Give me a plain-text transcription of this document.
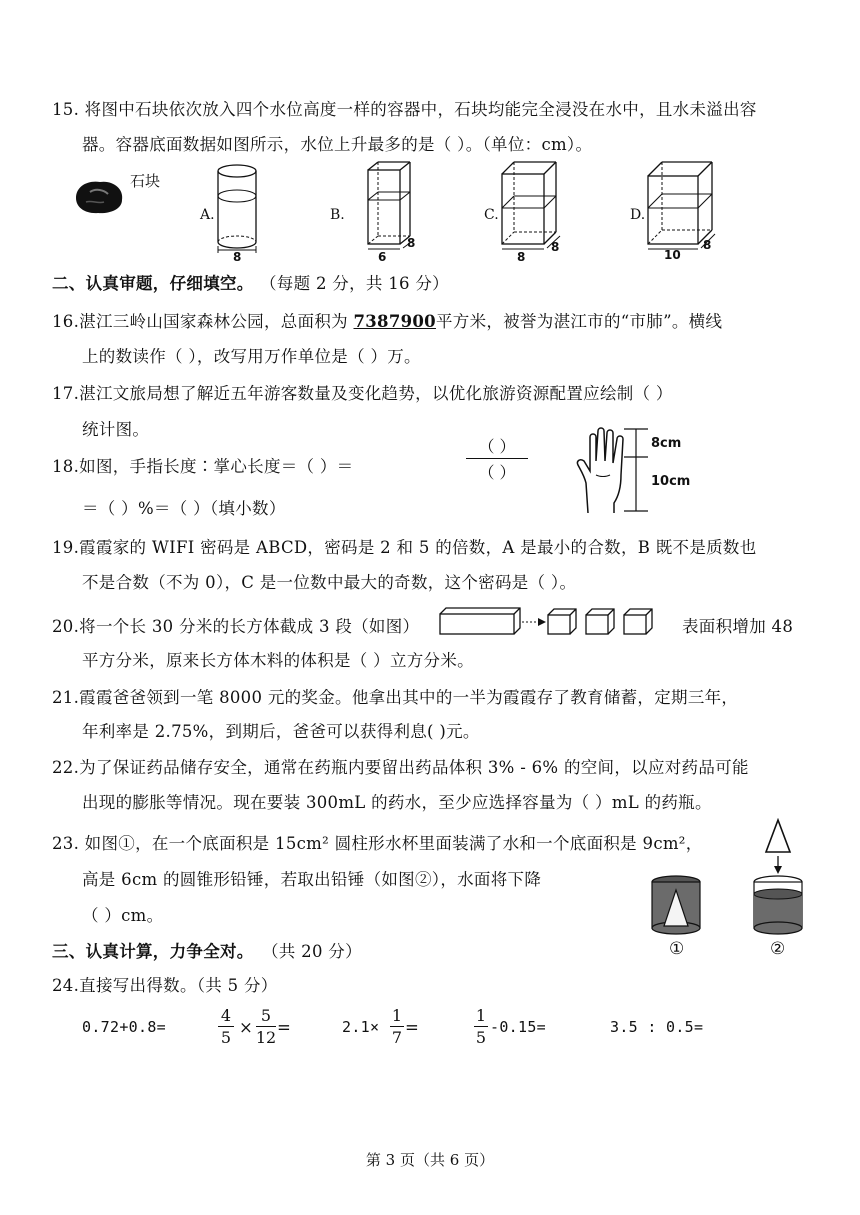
15. 将图中石块依次放入四个水位高度一样的容器中，石块均能完全浸没在水中，且水未溢出容
器。容器底面数据如图所示，水位上升最多的是（ ）。（单位：cm）。
石块
A.
8
B.
6
8
C.
8
8
D.
10
8
二、认真审题，仔细填空。 （每题 2 分，共 16 分）
16.湛江三岭山国家森林公园，总面积为 7387900平方米，被誉为湛江市的“市肺”。横线
上的数读作（ ），改写用万作单位是（ ）万。
17.湛江文旅局想了解近五年游客数量及变化趋势，以优化旅游资源配置应绘制（ ）
统计图。
18.如图，手指长度∶掌心长度＝（ ）＝
（ ）
（ ）
＝（ ）%＝（ ）（填小数）
8cm
10cm
19.霞霞家的 WIFI 密码是 ABCD，密码是 2 和 5 的倍数，A 是最小的合数，B 既不是质数也
不是合数（不为 0），C 是一位数中最大的奇数，这个密码是（ ）。
20.将一个长 30 分米的长方体截成 3 段（如图）	表面积增加 48
平方分米，原来长方体木料的体积是（ ）立方分米。
21.霞霞爸爸领到一笔 8000 元的奖金。他拿出其中的一半为霞霞存了教育储蓄，定期三年，
年利率是 2.75%，到期后，爸爸可以获得利息( )元。
22.为了保证药品储存安全，通常在药瓶内要留出药品体积 3% - 6% 的空间，以应对药品可能
出现的膨胀等情况。现在要装 300mL 的药水，至少应选择容量为（ ）mL 的药瓶。
23. 如图①，在一个底面积是 15cm² 圆柱形水杯里面装满了水和一个底面积是 9cm²，
高是 6cm 的圆锥形铅锤，若取出铅锤（如图②），水面将下降
（ ）cm。
①	②
三、认真计算，力争全对。 （共 20 分）
24.直接写出得数。（共 5 分）
0.72+0.8=
4
5
×
5
12
=	2.1×
1
7
=
1
5
-0.15=	3.5 : 0.5=
第 3 页（共 6 页）
